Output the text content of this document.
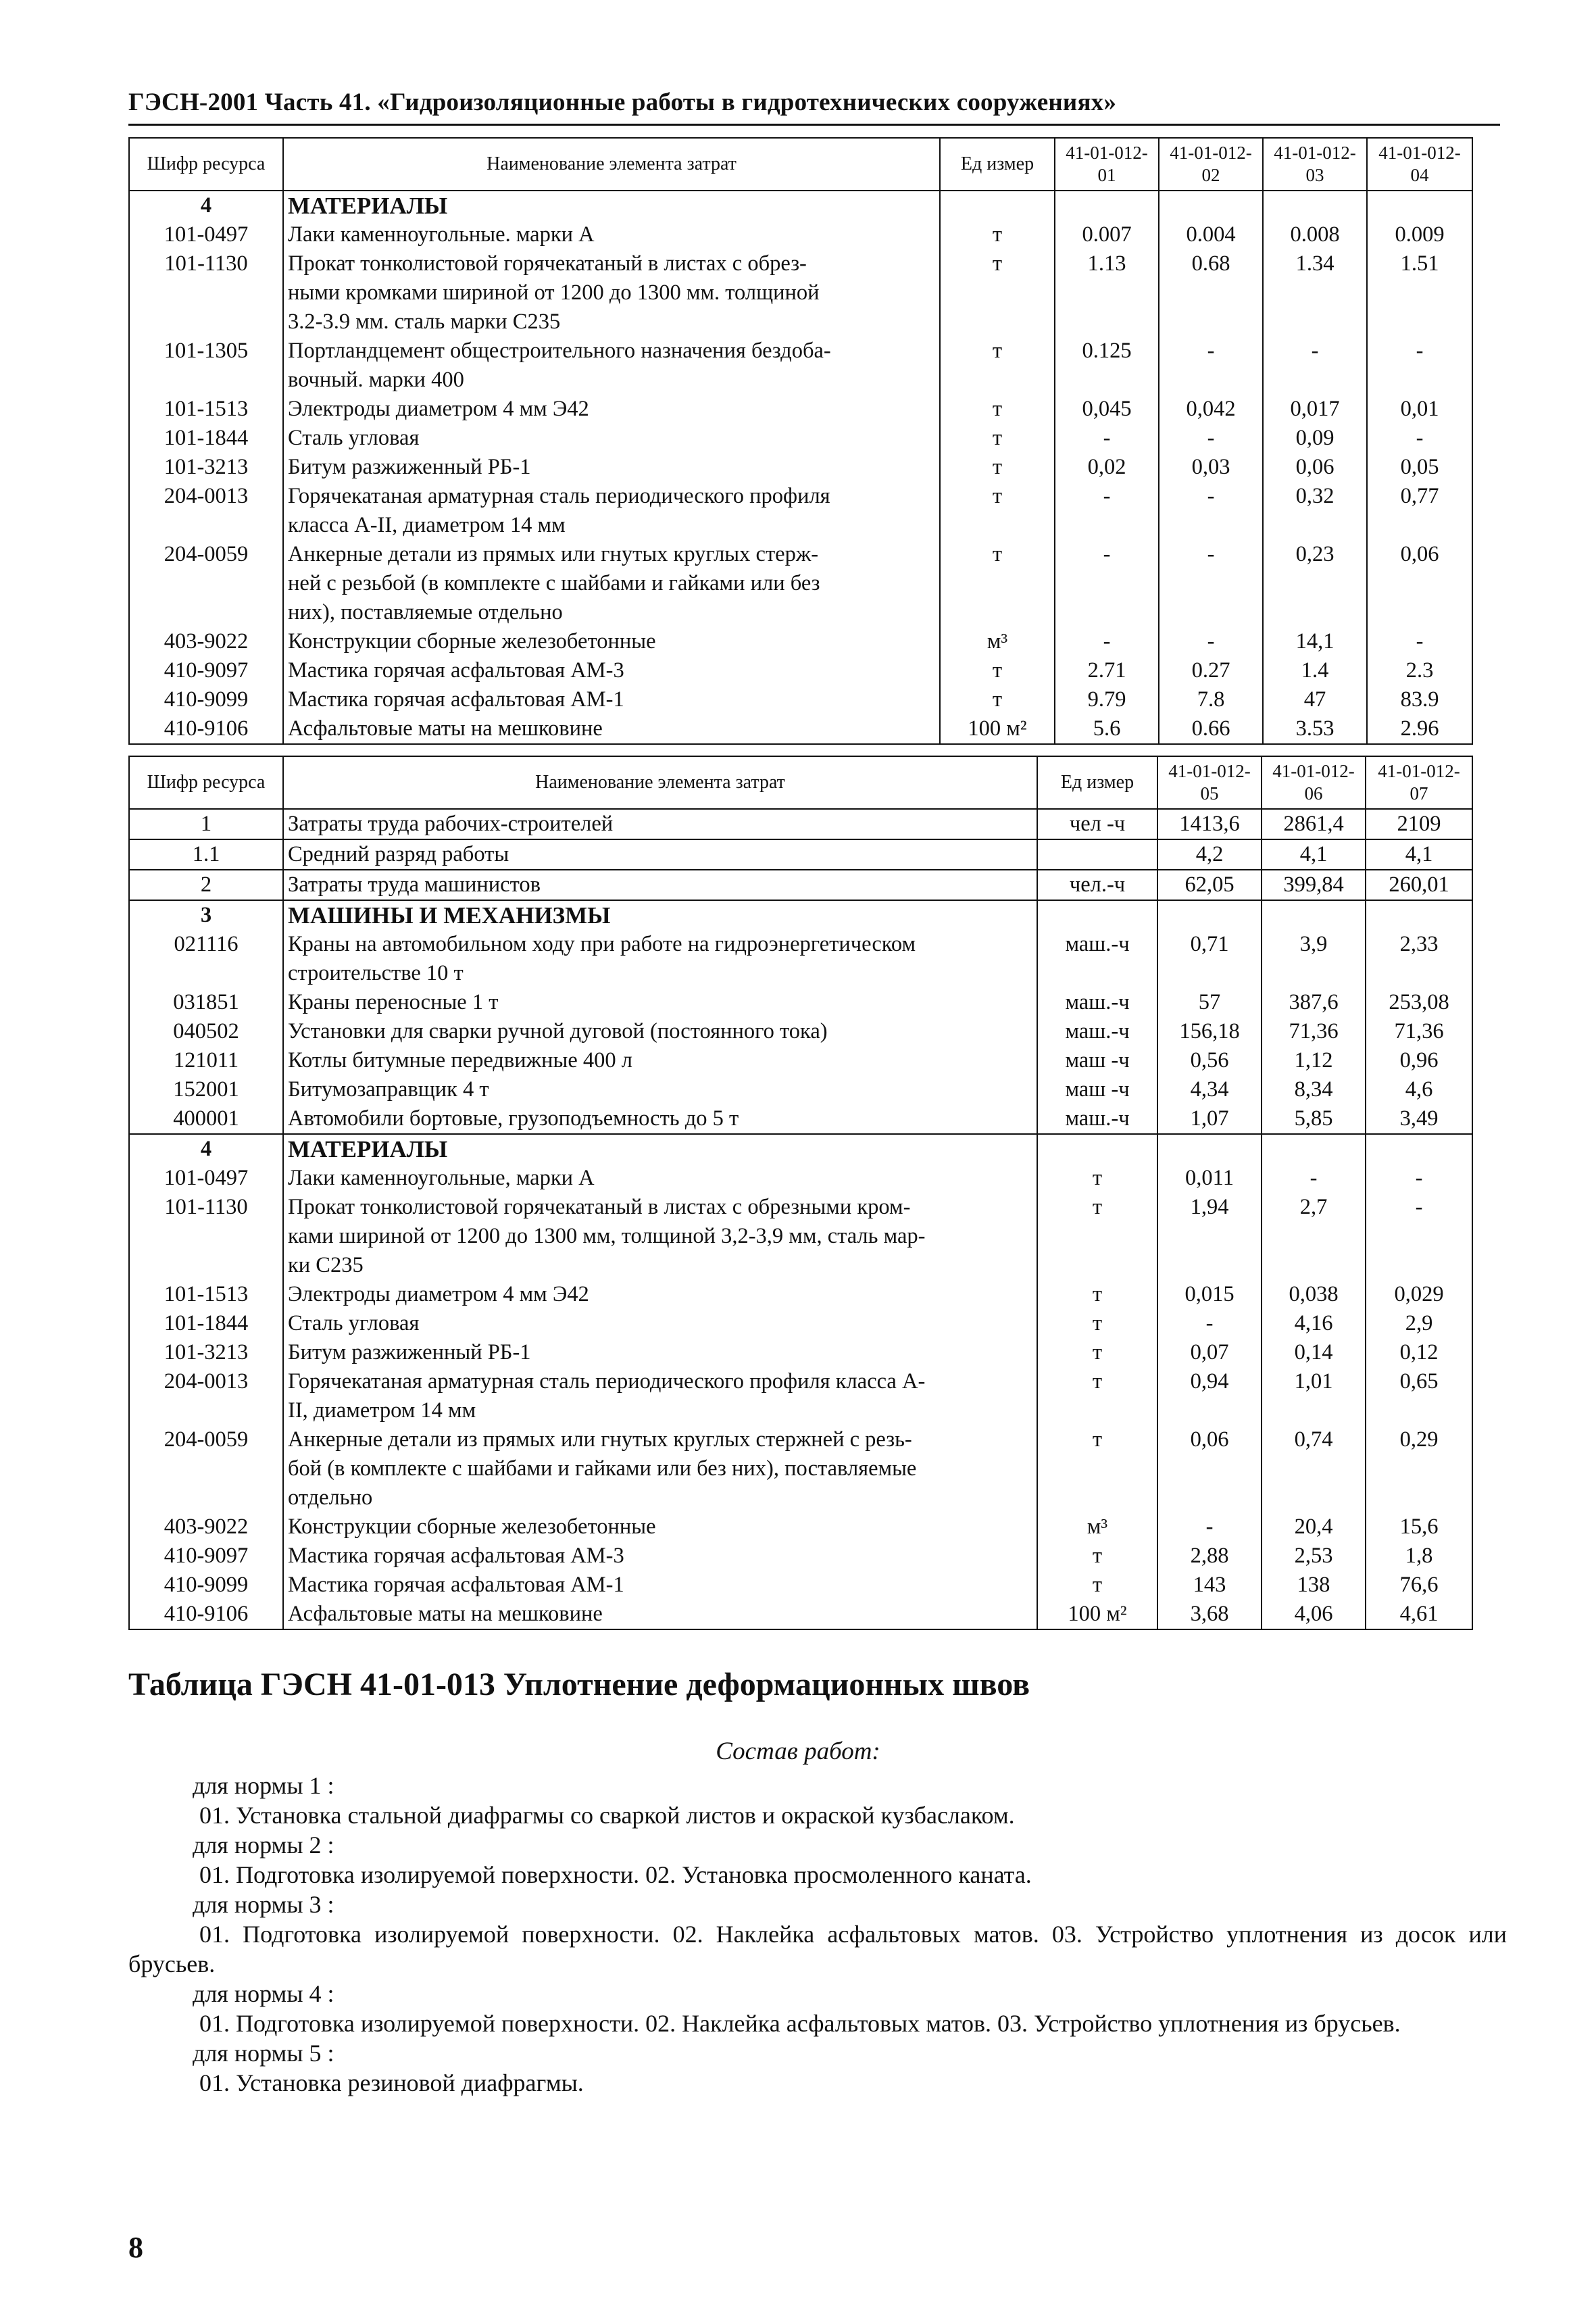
ГЭСН-2001 Часть 41. «Гидроизоляционные работы в гидротехнических сооружениях»
Шифр ресурса	Наименование элемента затрат	Ед измер	41-01-012-01	41-01-012-02	41-01-012-03	41-01-012-04
4	МАТЕРИАЛЫ					
101-0497	Лаки каменноугольные. марки А	т	0.007	0.004	0.008	0.009
101-1130	Прокат тонколистовой горячекатаный в листах с обрез-
ными кромками шириной от 1200 до 1300 мм. толщиной
3.2-3.9 мм. сталь марки С235	т	1.13	0.68	1.34	1.51
101-1305	Портландцемент общестроительного назначения бездоба-
вочный. марки 400	т	0.125	-	-	-
101-1513	Электроды диаметром 4 мм Э42	т	0,045	0,042	0,017	0,01
101-1844	Сталь угловая	т	-	-	0,09	-
101-3213	Битум разжиженный РБ-1	т	0,02	0,03	0,06	0,05
204-0013	Горячекатаная арматурная сталь периодического профиля
класса А-II, диаметром 14 мм	т	-	-	0,32	0,77
204-0059	Анкерные детали из прямых или гнутых круглых стерж-
ней с резьбой (в комплекте с шайбами и гайками или без
них), поставляемые отдельно	т	-	-	0,23	0,06
403-9022	Конструкции сборные железобетонные	м³	-	-	14,1	-
410-9097	Мастика горячая асфальтовая АМ-3	т	2.71	0.27	1.4	2.3
410-9099	Мастика горячая асфальтовая АМ-1	т	9.79	7.8	47	83.9
410-9106	Асфальтовые маты на мешковине	100 м²	5.6	0.66	3.53	2.96
Шифр ресурса	Наименование элемента затрат	Ед измер	41-01-012-05	41-01-012-06	41-01-012-07
1	Затраты труда рабочих-строителей	чел -ч	1413,6	2861,4	2109
1.1	Средний разряд работы		4,2	4,1	4,1
2	Затраты труда машинистов	чел.-ч	62,05	399,84	260,01
3	МАШИНЫ И МЕХАНИЗМЫ				
021116	Краны на автомобильном ходу при работе на гидроэнергетическом
строительстве 10 т	маш.-ч	0,71	3,9	2,33
031851	Краны переносные 1 т	маш.-ч	57	387,6	253,08
040502	Установки для сварки ручной дуговой (постоянного тока)	маш.-ч	156,18	71,36	71,36
121011	Котлы битумные передвижные 400 л	маш -ч	0,56	1,12	0,96
152001	Битумозаправщик 4 т	маш -ч	4,34	8,34	4,6
400001	Автомобили бортовые, грузоподъемность до 5 т	маш.-ч	1,07	5,85	3,49
4	МАТЕРИАЛЫ				
101-0497	Лаки каменноугольные, марки А	т	0,011	-	-
101-1130	Прокат тонколистовой горячекатаный в листах с обрезными кром-
ками шириной от 1200 до 1300 мм, толщиной 3,2-3,9 мм, сталь мар-
ки С235	т	1,94	2,7	-
101-1513	Электроды диаметром 4 мм Э42	т	0,015	0,038	0,029
101-1844	Сталь угловая	т	-	4,16	2,9
101-3213	Битум разжиженный РБ-1	т	0,07	0,14	0,12
204-0013	Горячекатаная арматурная сталь периодического профиля класса А-
II, диаметром 14 мм	т	0,94	1,01	0,65
204-0059	Анкерные детали из прямых или гнутых круглых стержней с резь-
бой (в комплекте с шайбами и гайками или без них), поставляемые
отдельно	т	0,06	0,74	0,29
403-9022	Конструкции сборные железобетонные	м³	-	20,4	15,6
410-9097	Мастика горячая асфальтовая АМ-3	т	2,88	2,53	1,8
410-9099	Мастика горячая асфальтовая АМ-1	т	143	138	76,6
410-9106	Асфальтовые маты на мешковине	100 м²	3,68	4,06	4,61
Таблица ГЭСН 41-01-013 Уплотнение деформационных швов
Состав работ:
для нормы 1 :
01. Установка стальной диафрагмы со сваркой листов и окраской кузбаслаком.
для нормы 2 :
01. Подготовка изолируемой поверхности. 02. Установка просмоленного каната.
для нормы 3 :
01. Подготовка изолируемой поверхности. 02. Наклейка асфальтовых матов. 03. Устройство уплотнения из досок или брусьев.
для нормы 4 :
01. Подготовка изолируемой поверхности. 02. Наклейка асфальтовых матов. 03. Устройство уплотнения из брусьев.
для нормы 5 :
01. Установка резиновой диафрагмы.
8
